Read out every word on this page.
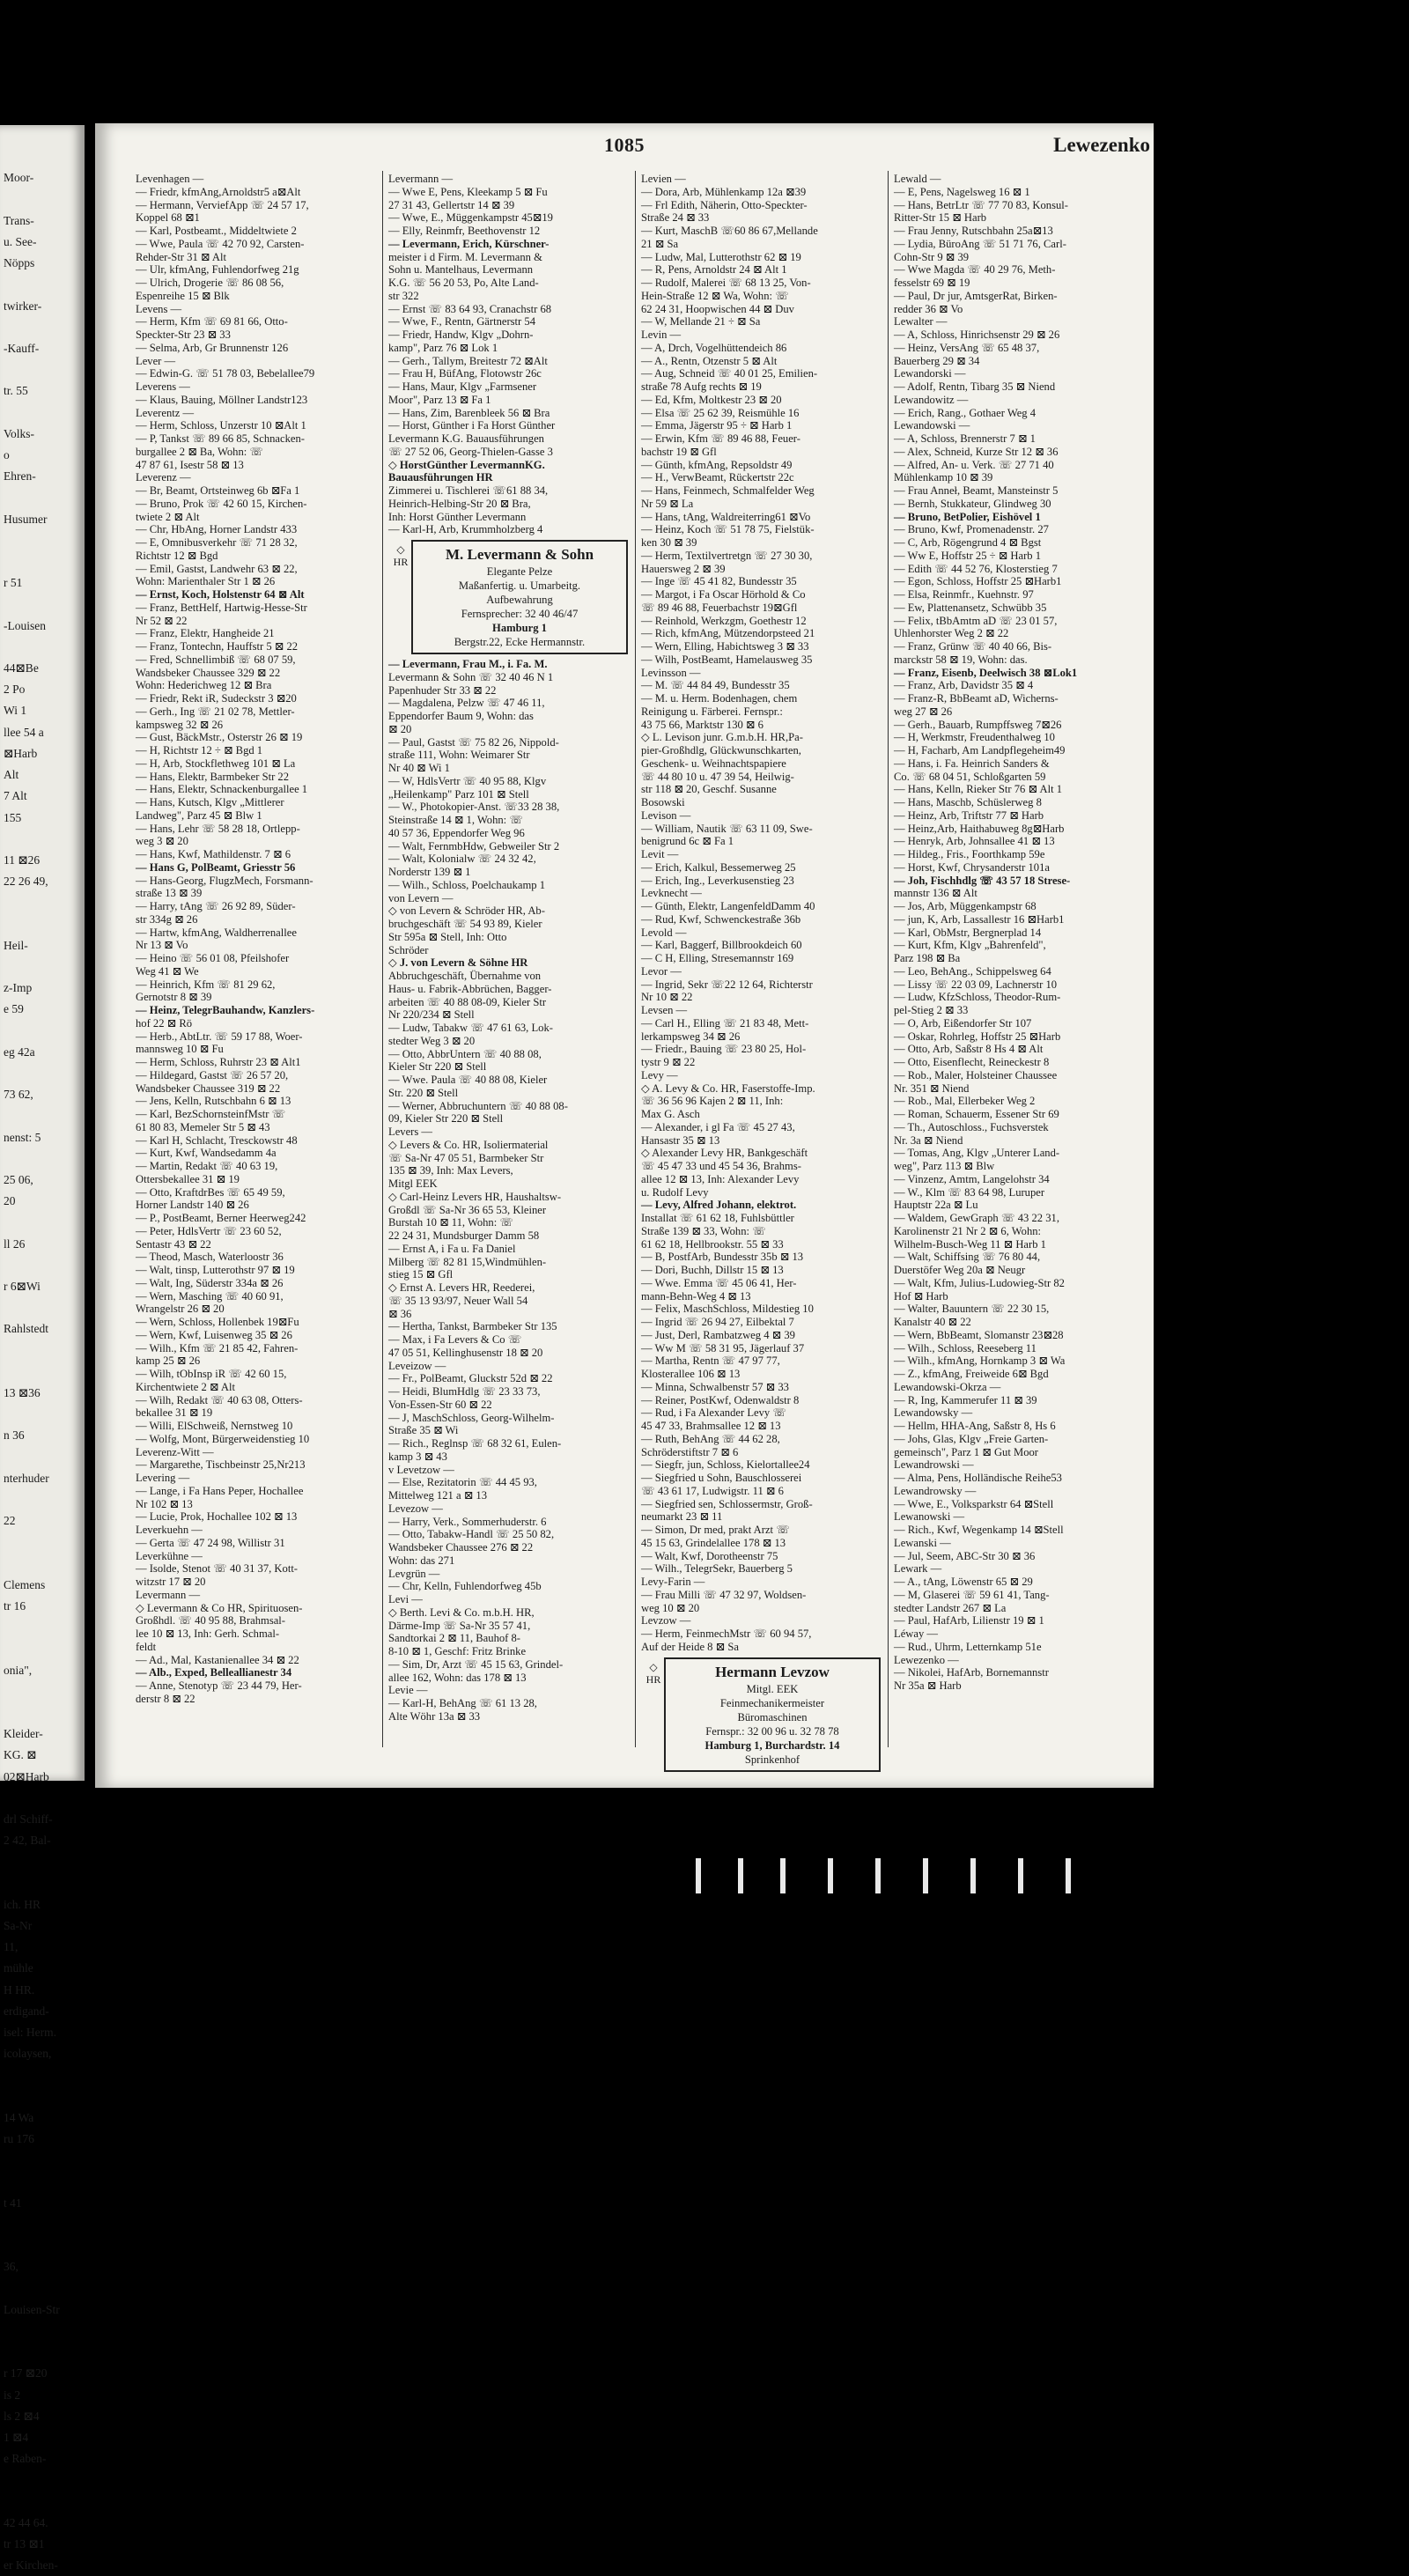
Moor-

Trans-
u. See-
Nöpps

twirker-

-Kauff-

tr. 55

Volks-
o
Ehren-

Husumer

r 51

-Louisen

44⊠Be
2 Po
Wi 1
llee 54 a
⊠Harb
Alt
7 Alt
155

11 ⊠26
22 26 49,

Heil-

z-Imp
e 59

eg 42a

73 62,

nenst: 5

25 06,
20

ll 26

r 6⊠Wi

Rahlstedt

13 ⊠36

n 36

nterhuder

22

Clemens
tr 16

onia",

Kleider-
KG. ⊠
02⊠Harb

drl Schiff-
2 42, Bal-

ich. HR
Sa-Nr
11,
mühle
H HR.
erdigand-
isel: Herm.
icolaysen,

14 Wa
ru 176

t 41

36,

Louisen-Str

r 17 ⊠20
is 2
ls 2 ⊠4
1 ⊠4
e Raben-

42 44 64.
tr 13 ⊠1
er Kirchen-
1085	Lewezenko
Levenhagen —
— Friedr, kfmAng,Arnoldstr5 a⊠Alt
— Hermann, VerviefApp ☏ 24 57 17,
Koppel 68 ⊠1
— Karl, Postbeamt., Middeltwiete 2
— Wwe, Paula ☏ 42 70 92, Carsten-
Rehder-Str 31 ⊠ Alt
— Ulr, kfmAng, Fuhlendorfweg 21g
— Ulrich, Drogerie ☏ 86 08 56,
Espenreihe 15 ⊠ Blk
Levens —
— Herm, Kfm ☏ 69 81 66, Otto-
Speckter-Str 23 ⊠ 33
— Selma, Arb, Gr Brunnenstr 126
Lever —
— Edwin-G. ☏ 51 78 03, Bebelallee79
Leverens —
— Klaus, Bauing, Möllner Landstr123
Leverentz —
— Herm, Schloss, Unzerstr 10 ⊠Alt 1
— P, Tankst ☏ 89 66 85, Schnacken-
burgallee 2 ⊠ Ba, Wohn: ☏
47 87 61, Isestr 58 ⊠ 13
Leverenz —
— Br, Beamt, Ortsteinweg 6b ⊠Fa 1
— Bruno, Prok ☏ 42 60 15, Kirchen-
twiete 2 ⊠ Alt
— Chr, HbAng, Horner Landstr 433
— E, Omnibusverkehr ☏ 71 28 32,
Richtstr 12 ⊠ Bgd
— Emil, Gastst, Landwehr 63 ⊠ 22,
Wohn: Marienthaler Str 1 ⊠ 26
— Ernst, Koch, Holstenstr 64 ⊠ Alt
— Franz, BettHelf, Hartwig-Hesse-Str
Nr 52 ⊠ 22
— Franz, Elektr, Hangheide 21
— Franz, Tontechn, Hauffstr 5 ⊠ 22
— Fred, Schnellimbiß ☏ 68 07 59,
Wandsbeker Chaussee 329 ⊠ 22
Wohn: Hederichweg 12 ⊠ Bra
— Friedr, Rekt iR, Sudeckstr 3 ⊠20
— Gerh., Ing ☏ 21 02 78, Mettler-
kampsweg 32 ⊠ 26
— Gust, BäckMstr., Osterstr 26 ⊠ 19
— H, Richtstr 12 ÷ ⊠ Bgd 1
— H, Arb, Stockflethweg 101 ⊠ La
— Hans, Elektr, Barmbeker Str 22
— Hans, Elektr, Schnackenburgallee 1
— Hans, Kutsch, Klgv „Mittlerer
Landweg", Parz 45 ⊠ Blw 1
— Hans, Lehr ☏ 58 28 18, Ortlepp-
weg 3 ⊠ 20
— Hans, Kwf, Mathildenstr. 7 ⊠ 6
— Hans G, PolBeamt, Griesstr 56
— Hans-Georg, FlugzMech, Forsmann-
straße 13 ⊠ 39
— Harry, tAng ☏ 26 92 89, Süder-
str 334g ⊠ 26
— Hartw, kfmAng, Waldherrenallee
Nr 13 ⊠ Vo
— Heino ☏ 56 01 08, Pfeilshofer
Weg 41 ⊠ We
— Heinrich, Kfm ☏ 81 29 62,
Gernotstr 8 ⊠ 39
— Heinz, TelegrBauhandw, Kanzlers-
hof 22 ⊠ Rö
— Herb., AbtLtr. ☏ 59 17 88, Woer-
mannsweg 10 ⊠ Fu
— Herm, Schloss, Ruhrstr 23 ⊠ Alt1
— Hildegard, Gastst ☏ 26 57 20,
Wandsbeker Chaussee 319 ⊠ 22
— Jens, Kelln, Rutschbahn 6 ⊠ 13
— Karl, BezSchornsteinfMstr ☏
61 80 83, Memeler Str 5 ⊠ 43
— Karl H, Schlacht, Tresckowstr 48
— Kurt, Kwf, Wandsedamm 4a
— Martin, Redakt ☏ 40 63 19,
Ottersbekallee 31 ⊠ 19
— Otto, KraftdrBes ☏ 65 49 59,
Horner Landstr 140 ⊠ 26
— P., PostBeamt, Berner Heerweg242
— Peter, HdlsVertr ☏ 23 60 52,
Sentastr 43 ⊠ 22
— Theod, Masch, Waterloostr 36
— Walt, tinsp, Lutterothstr 97 ⊠ 19
— Walt, Ing, Süderstr 334a ⊠ 26
— Wern, Masching ☏ 40 60 91,
Wrangelstr 26 ⊠ 20
— Wern, Schloss, Hollenbek 19⊠Fu
— Wern, Kwf, Luisenweg 35 ⊠ 26
— Wilh., Kfm ☏ 21 85 42, Fahren-
kamp 25 ⊠ 26
— Wilh, tObInsp iR ☏ 42 60 15,
Kirchentwiete 2 ⊠ Alt
— Wilh, Redakt ☏ 40 63 08, Otters-
bekallee 31 ⊠ 19
— Willi, ElSchweiß, Nernstweg 10
— Wolfg, Mont, Bürgerweidenstieg 10
Leverenz-Witt —
— Margarethe, Tischbeinstr 25,Nr213
Levering —
— Lange, i Fa Hans Peper, Hochallee
Nr 102 ⊠ 13
— Lucie, Prok, Hochallee 102 ⊠ 13
Leverkuehn —
— Gerta ☏ 47 24 98, Willistr 31
Leverkühne —
— Isolde, Stenot ☏ 40 31 37, Kott-
witzstr 17 ⊠ 20
Levermann —
◇ Levermann & Co HR, Spirituosen-
Großhdl. ☏ 40 95 88, Brahmsal-
lee 10 ⊠ 13, Inh: Gerh. Schmal-
feldt
— Ad., Mal, Kastanienallee 34 ⊠ 22
— Alb., Exped, Belleallianestr 34
— Anne, Stenotyp ☏ 23 44 79, Her-
derstr 8 ⊠ 22
Levermann —
— Wwe E, Pens, Kleekamp 5 ⊠ Fu
27 31 43, Gellertstr 14 ⊠ 39
— Wwe, E., Müggenkampstr 45⊠19
— Elly, Reinmfr, Beethovenstr 12
— Levermann, Erich, Kürschner-
meister i d Firm. M. Levermann &
Sohn u. Mantelhaus, Levermann
K.G. ☏ 56 20 53, Po, Alte Land-
str 322
— Ernst ☏ 83 64 93, Cranachstr 68
— Wwe, F., Rentn, Gärtnerstr 54
— Friedr, Handw, Klgv „Dohrn-
kamp", Parz 76 ⊠ Lok 1
— Gerh., Tallym, Breitestr 72 ⊠Alt
— Frau H, BüfAng, Flotowstr 26c
— Hans, Maur, Klgv „Farmsener
Moor", Parz 13 ⊠ Fa 1
— Hans, Zim, Barenbleek 56 ⊠ Bra
— Horst, Günther i Fa Horst Günther
Levermann K.G. Bauausführungen
☏ 27 52 06, Georg-Thielen-Gasse 3
◇ HorstGünther LevermannKG.
Bauausführungen HR
Zimmerei u. Tischlerei ☏61 88 34,
Heinrich-Helbing-Str 20 ⊠ Bra,
Inh: Horst Günther Levermann
— Karl-H, Arb, Krummholzberg 4
◇ HR	M. Levermann & Sohn
Elegante Pelze
Maßanfertig. u. Umarbeitg.
Aufbewahrung
Fernsprecher: 32 40 46/47
Hamburg 1
Bergstr.22, Ecke Hermannstr.
— Levermann, Frau M., i. Fa. M.
Levermann & Sohn ☏ 32 40 46 N 1
Papenhuder Str 33 ⊠ 22
— Magdalena, Pelzw ☏ 47 46 11,
Eppendorfer Baum 9, Wohn: das
⊠ 20
— Paul, Gastst ☏ 75 82 26, Nippold-
straße 111, Wohn: Weimarer Str
Nr 40 ⊠ Wi 1
— W, HdlsVertr ☏ 40 95 88, Klgv
„Heilenkamp" Parz 101 ⊠ Stell
— W., Photokopier-Anst. ☏33 28 38,
Steinstraße 14 ⊠ 1, Wohn: ☏
40 57 36, Eppendorfer Weg 96
— Walt, FernmbHdw, Gebweiler Str 2
— Walt, Kolonialw ☏ 24 32 42,
Norderstr 139 ⊠ 1
— Wilh., Schloss, Poelchaukamp 1
von Levern —
◇ von Levern & Schröder HR, Ab-
bruchgeschäft ☏ 54 93 89, Kieler
Str 595a ⊠ Stell, Inh: Otto
Schröder
◇ J. von Levern & Söhne HR
Abbruchgeschäft, Übernahme von
Haus- u. Fabrik-Abbrüchen, Bagger-
arbeiten ☏ 40 88 08-09, Kieler Str
Nr 220/234 ⊠ Stell
— Ludw, Tabakw ☏ 47 61 63, Lok-
stedter Weg 3 ⊠ 20
— Otto, AbbrUntern ☏ 40 88 08,
Kieler Str 220 ⊠ Stell
— Wwe. Paula ☏ 40 88 08, Kieler
Str. 220 ⊠ Stell
— Werner, Abbruchuntern ☏ 40 88 08-
09, Kieler Str 220 ⊠ Stell
Levers —
◇ Levers & Co. HR, Isoliermaterial
☏ Sa-Nr 47 05 51, Barmbeker Str
135 ⊠ 39, Inh: Max Levers,
Mitgl EEK
◇ Carl-Heinz Levers HR, Haushaltsw-
Großdl ☏ Sa-Nr 36 65 53, Kleiner
Burstah 10 ⊠ 11, Wohn: ☏
22 24 31, Mundsburger Damm 58
— Ernst A, i Fa u. Fa Daniel
Milberg ☏ 82 81 15,Windmühlen-
stieg 15 ⊠ Gfl
◇ Ernst A. Levers HR, Reederei,
☏ 35 13 93/97, Neuer Wall 54
⊠ 36
— Hertha, Tankst, Barmbeker Str 135
— Max, i Fa Levers & Co ☏
47 05 51, Kellinghusenstr 18 ⊠ 20
Leveizow —
— Fr., PolBeamt, Gluckstr 52d ⊠ 22
— Heidi, BlumHdlg ☏ 23 33 73,
Von-Essen-Str 60 ⊠ 22
— J, MaschSchloss, Georg-Wilhelm-
Straße 35 ⊠ Wi
— Rich., Reglnsp ☏ 68 32 61, Eulen-
kamp 3 ⊠ 43
v Levetzow —
— Else, Rezitatorin ☏ 44 45 93,
Mittelweg 121 a ⊠ 13
Levezow —
— Harry, Verk., Sommerhuderstr. 6
— Otto, Tabakw-Handl ☏ 25 50 82,
Wandsbeker Chaussee 276 ⊠ 22
Wohn: das 271
Levgrün —
— Chr, Kelln, Fuhlendorfweg 45b
Levi —
◇ Berth. Levi & Co. m.b.H. HR,
Därme-Imp ☏ Sa-Nr 35 57 41,
Sandtorkai 2 ⊠ 11, Bauhof 8-
8-10 ⊠ 1, Geschf: Fritz Brinke
— Sim, Dr, Arzt ☏ 45 15 63, Grindel-
allee 162, Wohn: das 178 ⊠ 13
Levie —
— Karl-H, BehAng ☏ 61 13 28,
Alte Wöhr 13a ⊠ 33
Levien —
— Dora, Arb, Mühlenkamp 12a ⊠39
— Frl Edith, Näherin, Otto-Speckter-
Straße 24 ⊠ 33
— Kurt, MaschB ☏60 86 67,Mellande
21 ⊠ Sa
— Ludw, Mal, Lutterothstr 62 ⊠ 19
— R, Pens, Arnoldstr 24 ⊠ Alt 1
— Rudolf, Malerei ☏ 68 13 25, Von-
Hein-Straße 12 ⊠ Wa, Wohn: ☏
62 24 31, Hoopwischen 44 ⊠ Duv
— W, Mellande 21 ÷ ⊠ Sa
Levin —
— A, Drch, Vogelhüttendeich 86
— A., Rentn, Otzenstr 5 ⊠ Alt
— Aug, Schneid ☏ 40 01 25, Emilien-
straße 78 Aufg rechts ⊠ 19
— Ed, Kfm, Moltkestr 23 ⊠ 20
— Elsa ☏ 25 62 39, Reismühle 16
— Emma, Jägerstr 95 ÷ ⊠ Harb 1
— Erwin, Kfm ☏ 89 46 88, Feuer-
bachstr 19 ⊠ Gfl
— Günth, kfmAng, Repsoldstr 49
— H., VerwBeamt, Rückertstr 22c
— Hans, Feinmech, Schmalfelder Weg
Nr 59 ⊠ La
— Hans, tAng, Waldreiterring61 ⊠Vo
— Heinz, Koch ☏ 51 78 75, Fielstük-
ken 30 ⊠ 39
— Herm, Textilvertretgn ☏ 27 30 30,
Hauersweg 2 ⊠ 39
— Inge ☏ 45 41 82, Bundesstr 35
— Margot, i Fa Oscar Hörhold & Co
☏ 89 46 88, Feuerbachstr 19⊠Gfl
— Reinhold, Werkzgm, Goethestr 12
— Rich, kfmAng, Mützendorpsteed 21
— Wern, Elling, Habichtsweg 3 ⊠ 33
— Wilh, PostBeamt, Hamelausweg 35
Levinsson —
— M. ☏ 44 84 49, Bundesstr 35
— M. u. Herm. Bodenhagen, chem
Reinigung u. Färberei. Fernspr.:
43 75 66, Marktstr 130 ⊠ 6
◇ L. Levison junr. G.m.b.H. HR,Pa-
pier-Großhdlg, Glückwunschkarten,
Geschenk- u. Weihnachtspapiere
☏ 44 80 10 u. 47 39 54, Heilwig-
str 118 ⊠ 20, Geschf. Susanne
Bosowski
Levison —
— William, Nautik ☏ 63 11 09, Swe-
benigrund 6c ⊠ Fa 1
Levit —
— Erich, Kalkul, Bessemerweg 25
— Erich, Ing., Leverkusenstieg 23
Levknecht —
— Günth, Elektr, LangenfeldDamm 40
— Rud, Kwf, Schwenckestraße 36b
Levold —
— Karl, Baggerf, Billbrookdeich 60
— C H, Elling, Stresemannstr 169
Levor —
— Ingrid, Sekr ☏22 12 64, Richterstr
Nr 10 ⊠ 22
Levsen —
— Carl H., Elling ☏ 21 83 48, Mett-
lerkampsweg 34 ⊠ 26
— Friedr., Bauing ☏ 23 80 25, Hol-
tystr 9 ⊠ 22
Levy —
◇ A. Levy & Co. HR, Faserstoffe-Imp.
☏ 36 56 96 Kajen 2 ⊠ 11, Inh:
Max G. Asch
— Alexander, i gl Fa ☏ 45 27 43,
Hansastr 35 ⊠ 13
◇ Alexander Levy HR, Bankgeschäft
☏ 45 47 33 und 45 54 36, Brahms-
allee 12 ⊠ 13, Inh: Alexander Levy
u. Rudolf Levy
— Levy, Alfred Johann, elektrot.
Installat ☏ 61 62 18, Fuhlsbüttler
Straße 139 ⊠ 33, Wohn: ☏
61 62 18, Hellbrookstr. 55 ⊠ 33
— B, PostfArb, Bundesstr 35b ⊠ 13
— Dori, Buchh, Dillstr 15 ⊠ 13
— Wwe. Emma ☏ 45 06 41, Her-
mann-Behn-Weg 4 ⊠ 13
— Felix, MaschSchloss, Mildestieg 10
— Ingrid ☏ 26 94 27, Eilbektal 7
— Just, Derl, Rambatzweg 4 ⊠ 39
— Ww M ☏ 58 31 95, Jägerlauf 37
— Martha, Rentn ☏ 47 97 77,
Klosterallee 106 ⊠ 13
— Minna, Schwalbenstr 57 ⊠ 33
— Reiner, PostKwf, Odenwaldstr 8
— Rud, i Fa Alexander Levy ☏
45 47 33, Brahmsallee 12 ⊠ 13
— Ruth, BehAng ☏ 44 62 28,
Schröderstiftstr 7 ⊠ 6
— Siegfr, jun, Schloss, Kielortallee24
— Siegfried u Sohn, Bauschlosserei
☏ 43 61 17, Ludwigstr. 11 ⊠ 6
— Siegfried sen, Schlossermstr, Groß-
neumarkt 23 ⊠ 11
— Simon, Dr med, prakt Arzt ☏
45 15 63, Grindelallee 178 ⊠ 13
— Walt, Kwf, Dorotheenstr 75
— Wilh., TelegrSekr, Bauerberg 5
Levy-Farin —
— Frau Milli ☏ 47 32 97, Woldsen-
weg 10 ⊠ 20
Levzow —
— Herm, FeinmechMstr ☏ 60 94 57,
Auf der Heide 8 ⊠ Sa
◇ HR	Hermann Levzow
Mitgl. EEK
Feinmechanikermeister
Büromaschinen
Fernspr.: 32 00 96 u. 32 78 78
Hamburg 1, Burchardstr. 14
Sprinkenhof
Lewald —
— E, Pens, Nagelsweg 16 ⊠ 1
— Hans, BetrLtr ☏ 77 70 83, Konsul-
Ritter-Str 15 ⊠ Harb
— Frau Jenny, Rutschbahn 25a⊠13
— Lydia, BüroAng ☏ 51 71 76, Carl-
Cohn-Str 9 ⊠ 39
— Wwe Magda ☏ 40 29 76, Meth-
fesselstr 69 ⊠ 19
— Paul, Dr jur, AmtsgerRat, Birken-
redder 36 ⊠ Vo
Lewalter —
— A, Schloss, Hinrichsenstr 29 ⊠ 26
— Heinz, VersAng ☏ 65 48 37,
Bauerberg 29 ⊠ 34
Lewandorski —
— Adolf, Rentn, Tibarg 35 ⊠ Niend
Lewandowitz —
— Erich, Rang., Gothaer Weg 4
Lewandowski —
— A, Schloss, Brennerstr 7 ⊠ 1
— Alex, Schneid, Kurze Str 12 ⊠ 36
— Alfred, An- u. Verk. ☏ 27 71 40
Mühlenkamp 10 ⊠ 39
— Frau Anneł, Beamt, Mansteinstr 5
— Bernh, Stukkateur, Glindweg 30
— Bruno, BetPolier, Eishövel 1
— Bruno, Kwf, Promenadenstr. 27
— C, Arb, Rögengrund 4 ⊠ Bgst
— Ww E, Hoffstr 25 ÷ ⊠ Harb 1
— Edith ☏ 44 52 76, Klosterstieg 7
— Egon, Schloss, Hoffstr 25 ⊠Harb1
— Elsa, Reinmfr., Kuehnstr. 97
— Ew, Plattenansetz, Schwübb 35
— Felix, tBbAmtm aD ☏ 23 01 57,
Uhlenhorster Weg 2 ⊠ 22
— Franz, Grünw ☏ 40 40 66, Bis-
marckstr 58 ⊠ 19, Wohn: das.
— Franz, Eisenb, Deelwisch 38 ⊠Lok1
— Franz, Arb, Davidstr 35 ⊠ 4
— Franz-R, BbBeamt aD, Wicherns-
weg 27 ⊠ 26
— Gerh., Bauarb, Rumpffsweg 7⊠26
— H, Werkmstr, Freudenthalweg 10
— H, Facharb, Am Landpflegeheim49
— Hans, i. Fa. Heinrich Sanders &
Co. ☏ 68 04 51, Schloßgarten 59
— Hans, Kelln, Rieker Str 76 ⊠ Alt 1
— Hans, Maschb, Schüslerweg 8
— Heinz, Arb, Triftstr 77 ⊠ Harb
— Heinz,Arb, Haithabuweg 8g⊠Harb
— Henryk, Arb, Johnsallee 41 ⊠ 13
— Hildeg., Fris., Foorthkamp 59e
— Horst, Kwf, Chrysanderstr 101a
— Joh, Fischhdlg ☏ 43 57 18 Strese-
mannstr 136 ⊠ Alt
— Jos, Arb, Müggenkampstr 68
— jun, K, Arb, Lassallestr 16 ⊠Harb1
— Karl, ObMstr, Bergnerplad 14
— Kurt, Kfm, Klgv „Bahrenfeld",
Parz 198 ⊠ Ba
— Leo, BehAng., Schippelsweg 64
— Lissy ☏ 22 03 09, Lachnerstr 10
— Ludw, KfzSchloss, Theodor-Rum-
pel-Stieg 2 ⊠ 33
— O, Arb, Eißendorfer Str 107
— Oskar, Rohrleg, Hoffstr 25 ⊠Harb
— Otto, Arb, Saßstr 8 Hs 4 ⊠ Alt
— Otto, Eisenflecht, Reineckestr 8
— Rob., Maler, Holsteiner Chaussee
Nr. 351 ⊠ Niend
— Rob., Mal, Ellerbeker Weg 2
— Roman, Schauerm, Essener Str 69
— Th., Autoschloss., Fuchsverstek
Nr. 3a ⊠ Niend
— Tomas, Ang, Klgv „Unterer Land-
weg", Parz 113 ⊠ Blw
— Vinzenz, Amtm, Langelohstr 34
— W., Klm ☏ 83 64 98, Luruper
Hauptstr 22a ⊠ Lu
— Waldem, GewGraph ☏ 43 22 31,
Karolinenstr 21 Nr 2 ⊠ 6, Wohn:
Wilhelm-Busch-Weg 11 ⊠ Harb 1
— Walt, Schiffsing ☏ 76 80 44,
Duerstöfer Weg 20a ⊠ Neugr
— Walt, Kfm, Julius-Ludowieg-Str 82
Hof ⊠ Harb
— Walter, Bauuntern ☏ 22 30 15,
Kanalstr 40 ⊠ 22
— Wern, BbBeamt, Slomanstr 23⊠28
— Wilh., Schloss, Reeseberg 11
— Wilh., kfmAng, Hornkamp 3 ⊠ Wa
— Z., kfmAng, Freiweide 6⊠ Bgd
Lewandowski-Okrza —
— R, Ing, Kammerufer 11 ⊠ 39
Lewandowsky —
— Hellm, HHA-Ang, Saßstr 8, Hs 6
— Johs, Glas, Klgv „Freie Garten-
gemeinsch", Parz 1 ⊠ Gut Moor
Lewandrowski —
— Alma, Pens, Holländische Reihe53
Lewandrowsky —
— Wwe, E., Volksparkstr 64 ⊠Stell
Lewanowski —
— Rich., Kwf, Wegenkamp 14 ⊠Stell
Lewanski —
— Jul, Seem, ABC-Str 30 ⊠ 36
Lewark —
— A., tAng, Löwenstr 65 ⊠ 29
— M, Glaserei ☏ 59 61 41, Tang-
stedter Landstr 267 ⊠ La
— Paul, HafArb, Lilienstr 19 ⊠ 1
Léway —
— Rud., Uhrm, Letternkamp 51e
Lewezenko —
— Nikolei, HafArb, Bornemannstr
Nr 35a ⊠ Harb
